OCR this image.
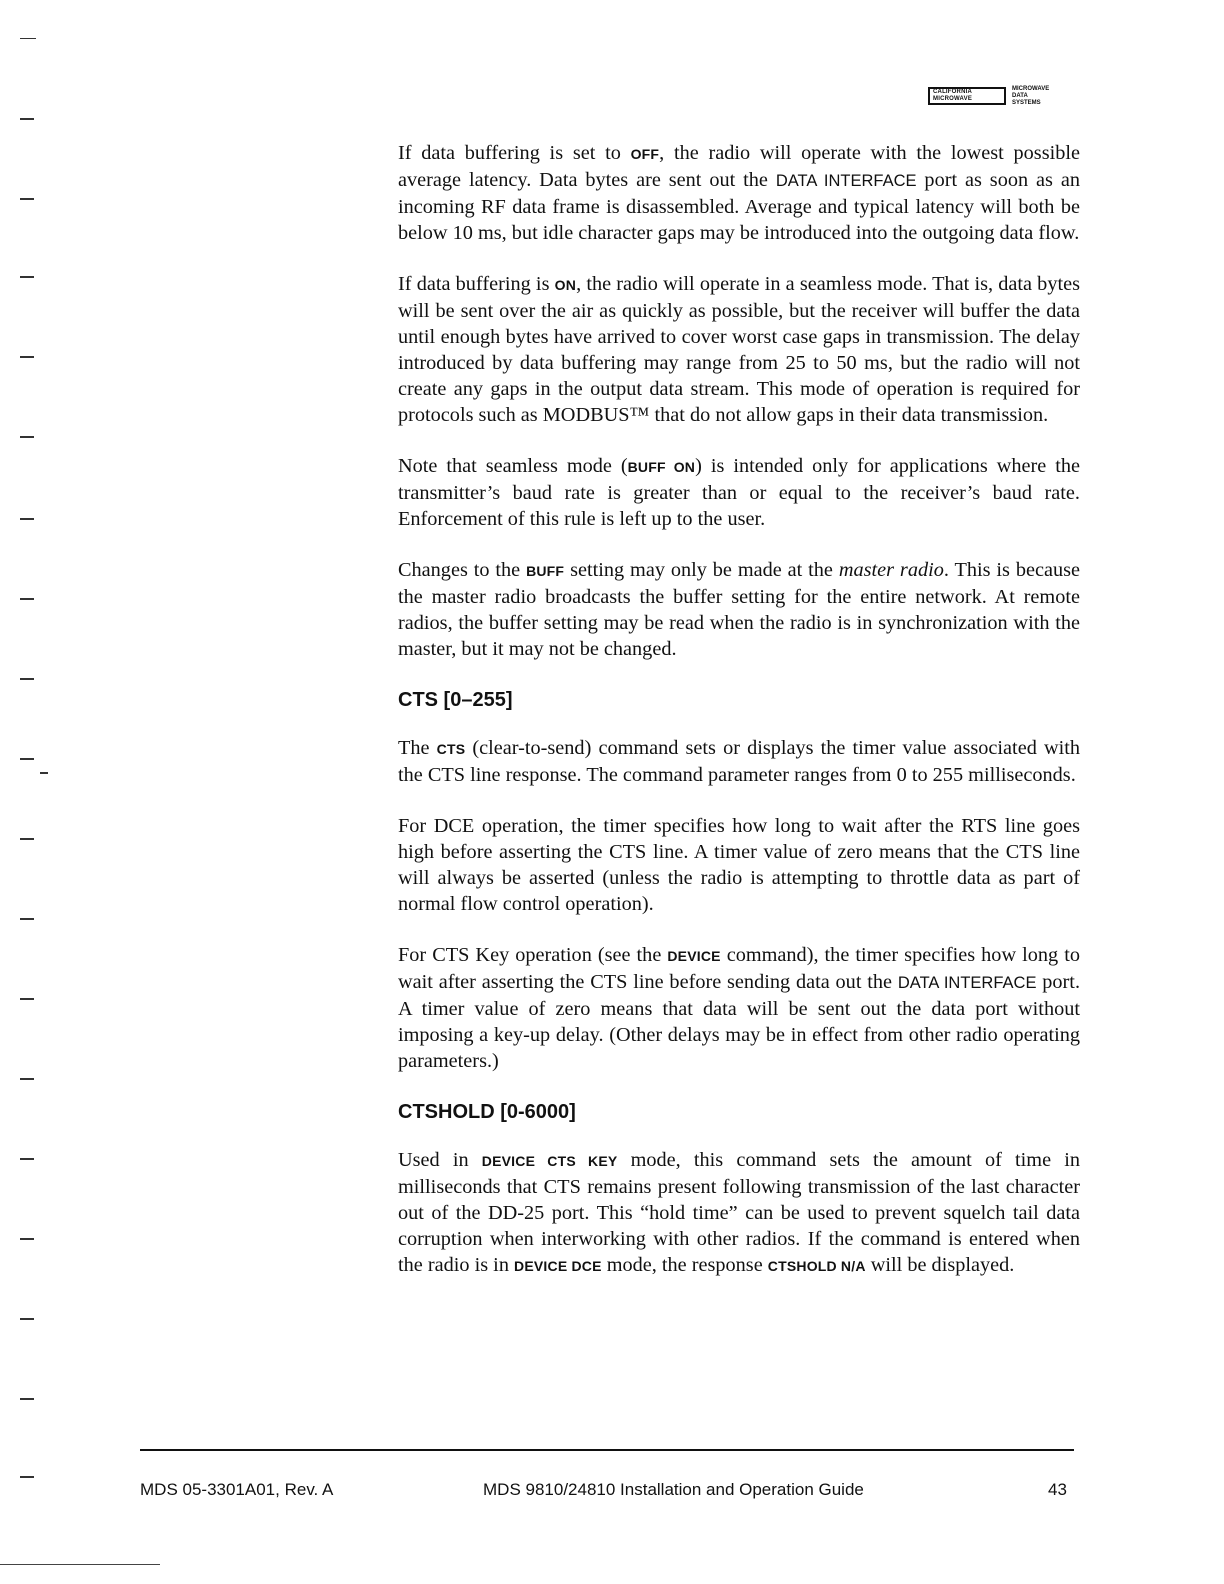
CALIFORNIA
MICROWAVE
MICROWAVE
DATA
SYSTEMS

If data buffering is set to OFF, the radio will operate with the lowest possible average latency. Data bytes are sent out the DATA INTERFACE port as soon as an incoming RF data frame is disassembled. Average and typical latency will both be below 10 ms, but idle character gaps may be introduced into the outgoing data flow.

If data buffering is ON, the radio will operate in a seamless mode. That is, data bytes will be sent over the air as quickly as possible, but the receiver will buffer the data until enough bytes have arrived to cover worst case gaps in transmission. The delay introduced by data buffering may range from 25 to 50 ms, but the radio will not create any gaps in the output data stream. This mode of operation is required for protocols such as MODBUS™ that do not allow gaps in their data transmission.

Note that seamless mode (BUFF ON) is intended only for applications where the transmitter’s baud rate is greater than or equal to the receiver’s baud rate. Enforcement of this rule is left up to the user.

Changes to the BUFF setting may only be made at the master radio. This is because the master radio broadcasts the buffer setting for the entire network. At remote radios, the buffer setting may be read when the radio is in synchronization with the master, but it may not be changed.

CTS [0–255]

The CTS (clear-to-send) command sets or displays the timer value associated with the CTS line response. The command parameter ranges from 0 to 255 milliseconds.

For DCE operation, the timer specifies how long to wait after the RTS line goes high before asserting the CTS line. A timer value of zero means that the CTS line will always be asserted (unless the radio is attempting to throttle data as part of normal flow control operation).

For CTS Key operation (see the DEVICE command), the timer specifies how long to wait after asserting the CTS line before sending data out the DATA INTERFACE port. A timer value of zero means that data will be sent out the data port without imposing a key-up delay. (Other delays may be in effect from other radio operating parameters.)

CTSHOLD [0-6000]

Used in DEVICE CTS KEY mode, this command sets the amount of time in milliseconds that CTS remains present following transmission of the last character out of the DD-25 port. This “hold time” can be used to prevent squelch tail data corruption when interworking with other radios. If the command is entered when the radio is in DEVICE DCE mode, the response CTSHOLD N/A will be displayed.

MDS 05-3301A01, Rev. A	MDS 9810/24810 Installation and Operation Guide	43
